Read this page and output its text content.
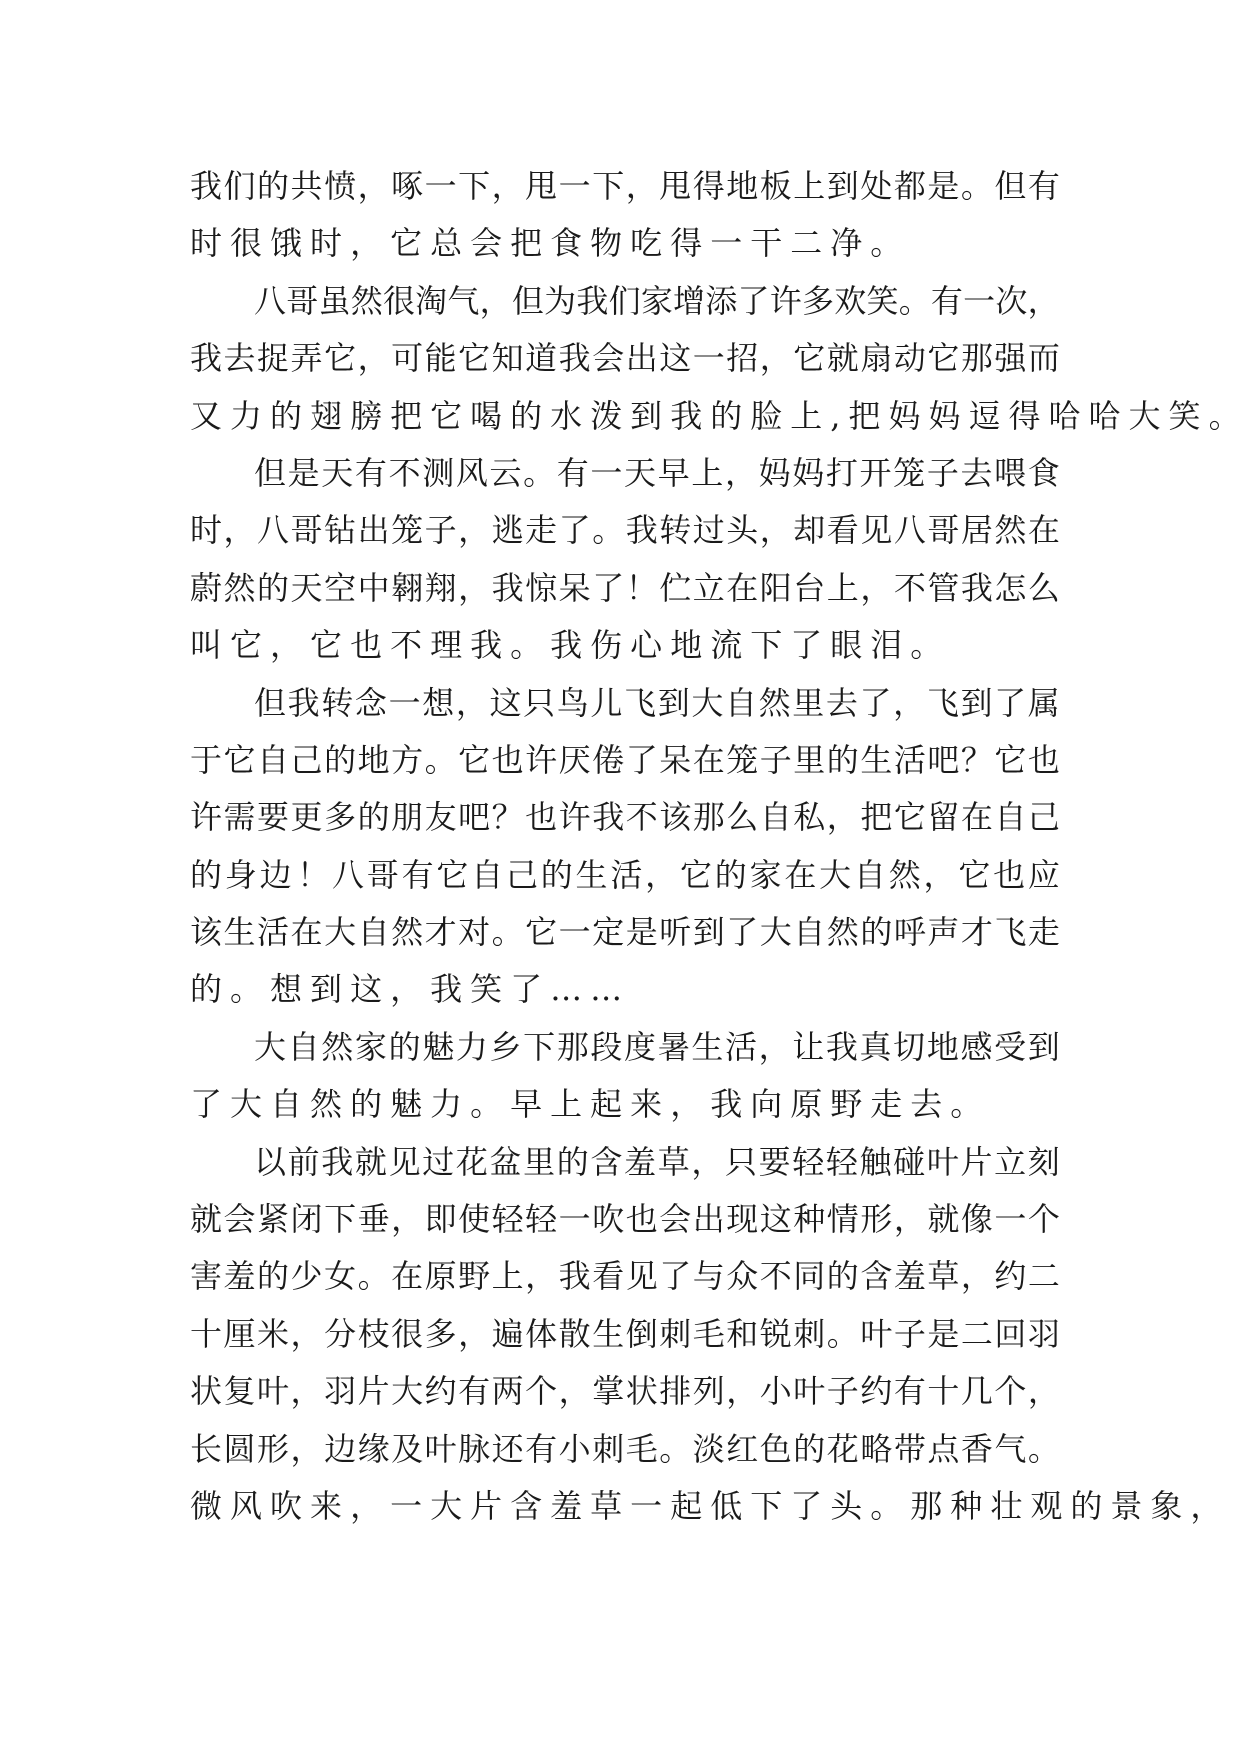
我 们 的 共 愤 ， 啄 一 下 ， 甩 一 下 ， 甩 得 地 板 上 到 处 都 是 。 但 有
时 很 饿 时 ， 它 总 会 把 食 物 吃 得 一 干 二 净 。
八 哥 虽 然 很 淘 气 ， 但 为 我 们 家 增 添 了 许 多 欢 笑 。 有 一 次 ，
我 去 捉 弄 它 ， 可 能 它 知 道 我 会 出 这 一 招 ， 它 就 扇 动 它 那 强 而
又 力 的 翅 膀 把 它 喝 的 水 泼 到 我 的 脸 上 , 把 妈 妈 逗 得 哈 哈 大 笑 。
但 是 天 有 不 测 风 云 。 有 一 天 早 上 ， 妈 妈 打 开 笼 子 去 喂 食
时 ， 八 哥 钻 出 笼 子 ， 逃 走 了 。 我 转 过 头 ， 却 看 见 八 哥 居 然 在
蔚 然 的 天 空 中 翱 翔 ， 我 惊 呆 了 ！ 伫 立 在 阳 台 上 ， 不 管 我 怎 么
叫 它 ， 它 也 不 理 我 。 我 伤 心 地 流 下 了 眼 泪 。
但 我 转 念 一 想 ， 这 只 鸟 儿 飞 到 大 自 然 里 去 了 ， 飞 到 了 属
于 它 自 己 的 地 方 。 它 也 许 厌 倦 了 呆 在 笼 子 里 的 生 活 吧 ？ 它 也
许 需 要 更 多 的 朋 友 吧 ？ 也 许 我 不 该 那 么 自 私 ， 把 它 留 在 自 己
的 身 边 ！ 八 哥 有 它 自 己 的 生 活 ， 它 的 家 在 大 自 然 ， 它 也 应
该 生 活 在 大 自 然 才 对 。 它 一 定 是 听 到 了 大 自 然 的 呼 声 才 飞 走
的 。 想 到 这 ， 我 笑 了 … …
大 自 然 家 的 魅 力 乡 下 那 段 度 暑 生 活 ， 让 我 真 切 地 感 受 到
了 大 自 然 的 魅 力 。 早 上 起 来 ， 我 向 原 野 走 去 。
以 前 我 就 见 过 花 盆 里 的 含 羞 草 ， 只 要 轻 轻 触 碰 叶 片 立 刻
就 会 紧 闭 下 垂 ， 即 使 轻 轻 一 吹 也 会 出 现 这 种 情 形 ， 就 像 一 个
害 羞 的 少 女 。 在 原 野 上 ， 我 看 见 了 与 众 不 同 的 含 羞 草 ， 约 二
十 厘 米 ， 分 枝 很 多 ， 遍 体 散 生 倒 刺 毛 和 锐 刺 。 叶 子 是 二 回 羽
状 复 叶 ， 羽 片 大 约 有 两 个 ， 掌 状 排 列 ， 小 叶 子 约 有 十 几 个 ，
长 圆 形 ， 边 缘 及 叶 脉 还 有 小 刺 毛 。 淡 红 色 的 花 略 带 点 香 气 。
微 风 吹 来 ， 一 大 片 含 羞 草 一 起 低 下 了 头 。 那 种 壮 观 的 景 象 ，
